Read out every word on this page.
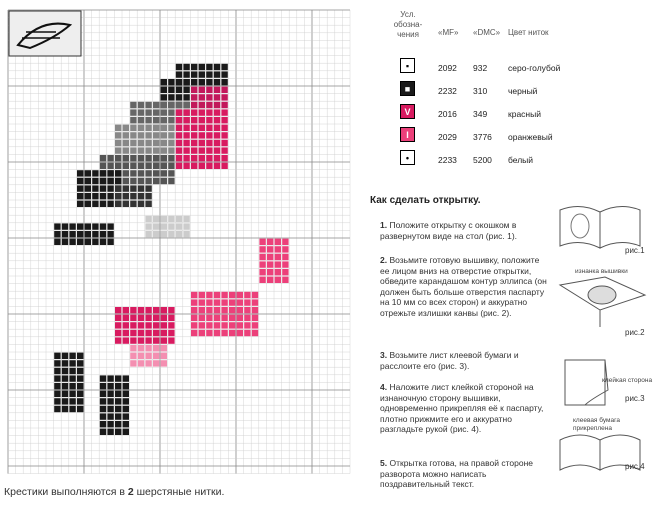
Крестики выполняются в 2 шерстяные нитки.
Усл. обозна- чения	«MF» «DMC» Цвет ниток
▪	2092 932 серо-голубой
■	2232 310 черный
V	2016 349 красный
I	2029 3776 оранжевый
•	2233 5200 белый
Как сделать открытку.
1. Положите открытку с окошком в развернутом виде на стол (рис. 1).
2. Возьмите готовую вышивку, положите ее лицом вниз на отверстие открытки, обведите карандашом контур эллипса (он должен быть больше отверстия паспарту на 10 мм со всех сторон) и аккуратно отрежьте излишки канвы (рис. 2).
3. Возьмите лист клеевой бумаги и расслоите его (рис. 3).
4. Наложите лист клейкой стороной на изнаночную сторону вышивки, одновременно прикрепляя её к паспарту, плотно прижмите его и аккуратно разгладьте рукой (рис. 4).
5. Открытка готова, на правой стороне разворота можно написать поздравительный текст.
рис.1
изнанка вышивки
рис.2
клейкая сторона
рис.3
клеевая бумага прикреплена
рис.4
